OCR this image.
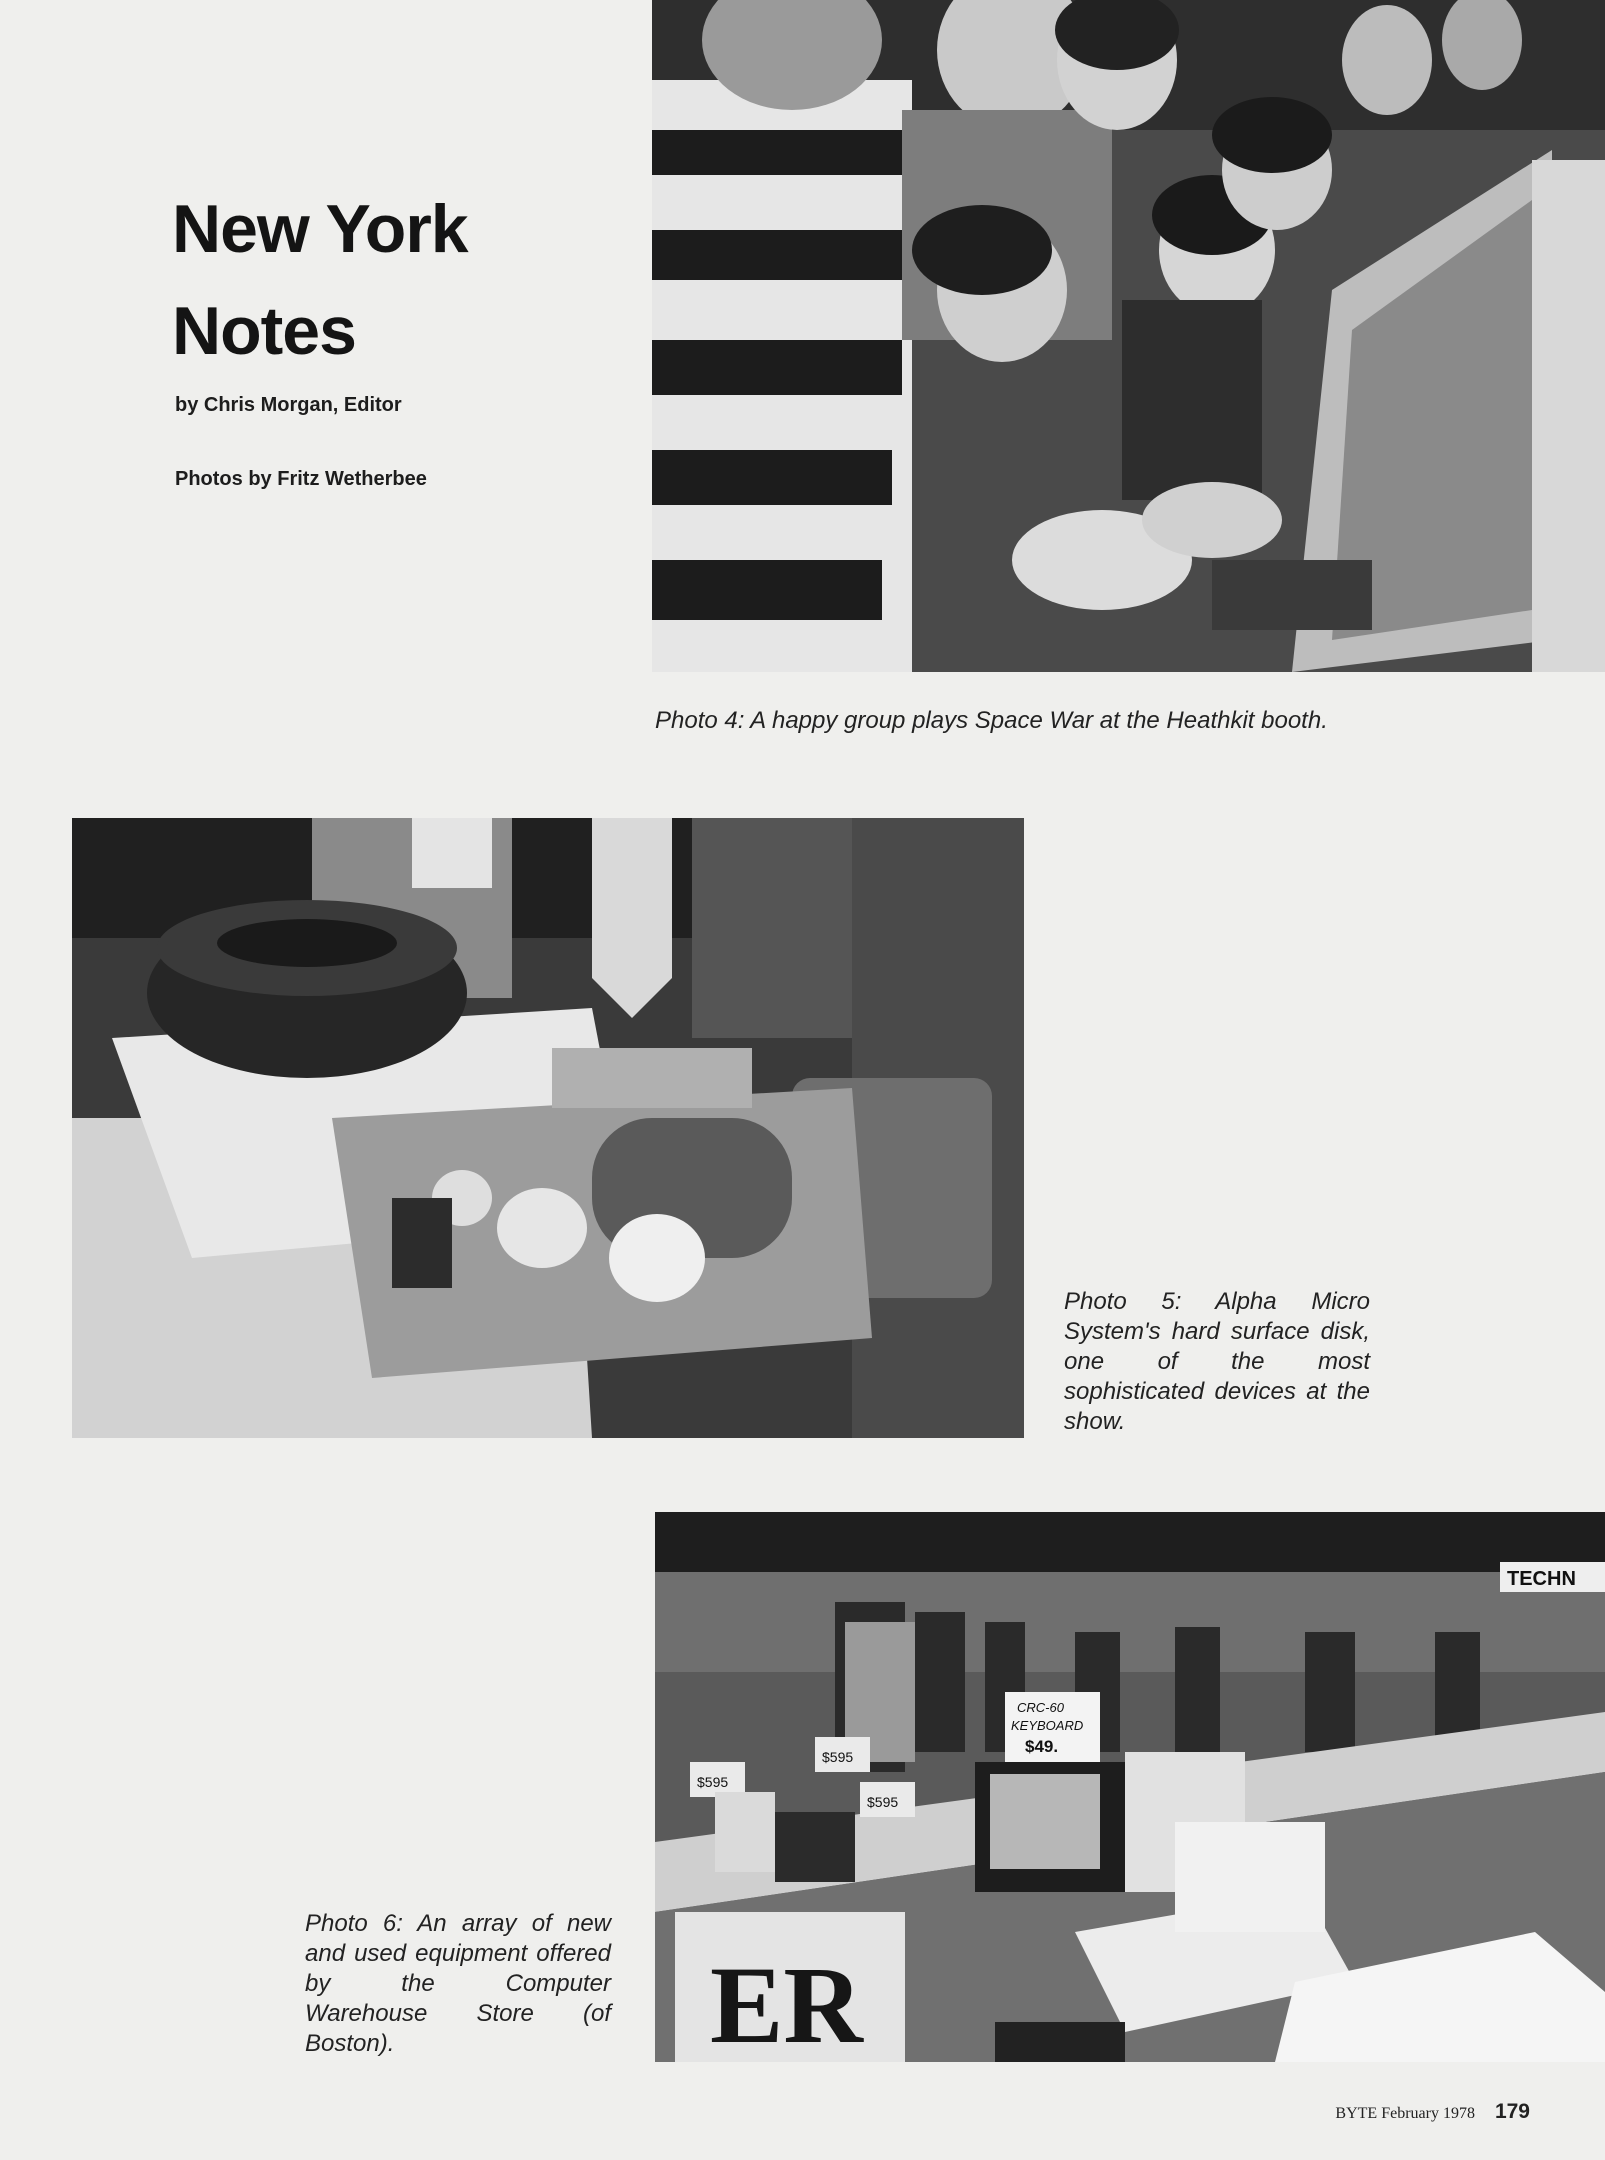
New York
Notes

by Chris Morgan, Editor

Photos by Fritz Wetherbee

Photo 4: A happy group plays Space War at the Heathkit booth.

Photo 5: Alpha Micro System's hard surface disk, one of the most sophisticated devices at the show.

TECHN
CRC-60
KEYBOARD
$49.
$595
$595
$595
ER

Photo 6: An array of new and used equipment offered by the Computer Warehouse Store (of Boston).

BYTE February 1978 179
